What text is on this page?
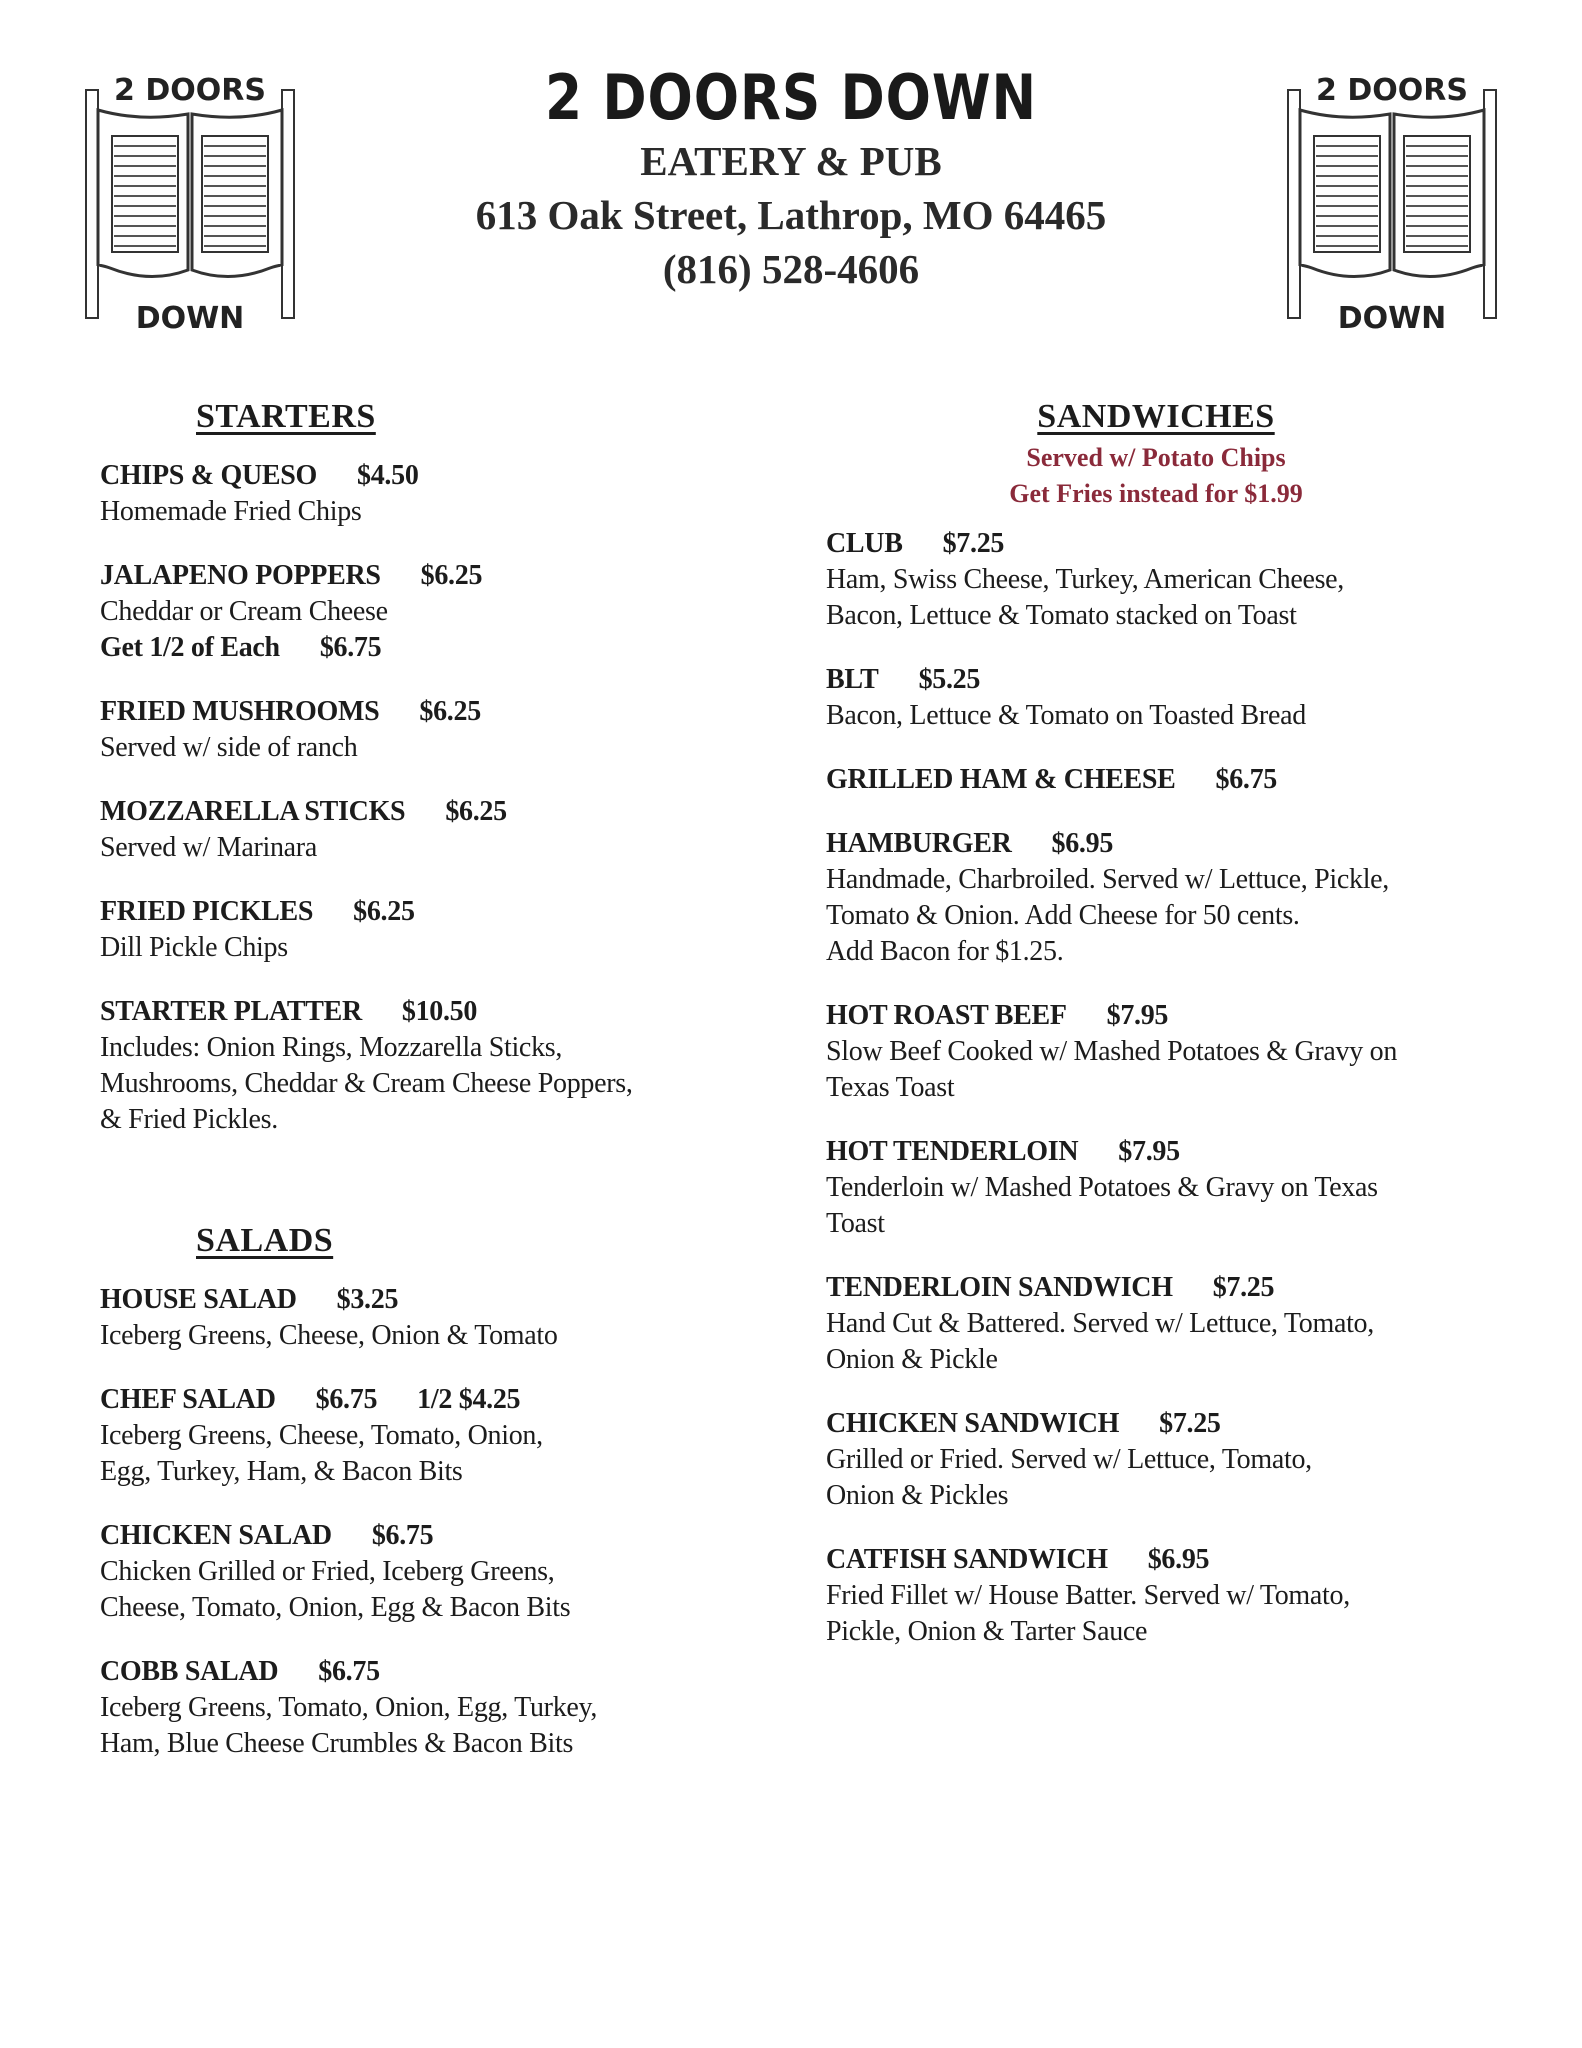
2 DOORS
DOWN
2 DOORS
DOWN
2 DOORS DOWN
EATERY & PUB
613 Oak Street, Lathrop, MO 64465
(816) 528-4606
STARTERS
CHIPS & QUESO $4.50
Homemade Fried Chips
JALAPENO POPPERS $6.25
Cheddar or Cream Cheese
Get 1/2 of Each $6.75
FRIED MUSHROOMS $6.25
Served w/ side of ranch
MOZZARELLA STICKS $6.25
Served w/ Marinara
FRIED PICKLES $6.25
Dill Pickle Chips
STARTER PLATTER $10.50
Includes: Onion Rings, Mozzarella Sticks,
Mushrooms, Cheddar & Cream Cheese Poppers,
& Fried Pickles.
SALADS
HOUSE SALAD $3.25
Iceberg Greens, Cheese, Onion & Tomato
CHEF SALAD $6.75 1/2 $4.25
Iceberg Greens, Cheese, Tomato, Onion,
Egg, Turkey, Ham, & Bacon Bits
CHICKEN SALAD $6.75
Chicken Grilled or Fried, Iceberg Greens,
Cheese, Tomato, Onion, Egg & Bacon Bits
COBB SALAD $6.75
Iceberg Greens, Tomato, Onion, Egg, Turkey,
Ham, Blue Cheese Crumbles & Bacon Bits
SANDWICHES
Served w/ Potato Chips
Get Fries instead for $1.99
CLUB $7.25
Ham, Swiss Cheese, Turkey, American Cheese,
Bacon, Lettuce & Tomato stacked on Toast
BLT $5.25
Bacon, Lettuce & Tomato on Toasted Bread
GRILLED HAM & CHEESE $6.75
HAMBURGER $6.95
Handmade, Charbroiled. Served w/ Lettuce, Pickle,
Tomato & Onion. Add Cheese for 50 cents.
Add Bacon for $1.25.
HOT ROAST BEEF $7.95
Slow Beef Cooked w/ Mashed Potatoes & Gravy on
Texas Toast
HOT TENDERLOIN $7.95
Tenderloin w/ Mashed Potatoes & Gravy on Texas
Toast
TENDERLOIN SANDWICH $7.25
Hand Cut & Battered. Served w/ Lettuce, Tomato,
Onion & Pickle
CHICKEN SANDWICH $7.25
Grilled or Fried. Served w/ Lettuce, Tomato,
Onion & Pickles
CATFISH SANDWICH $6.95
Fried Fillet w/ House Batter. Served w/ Tomato,
Pickle, Onion & Tarter Sauce
